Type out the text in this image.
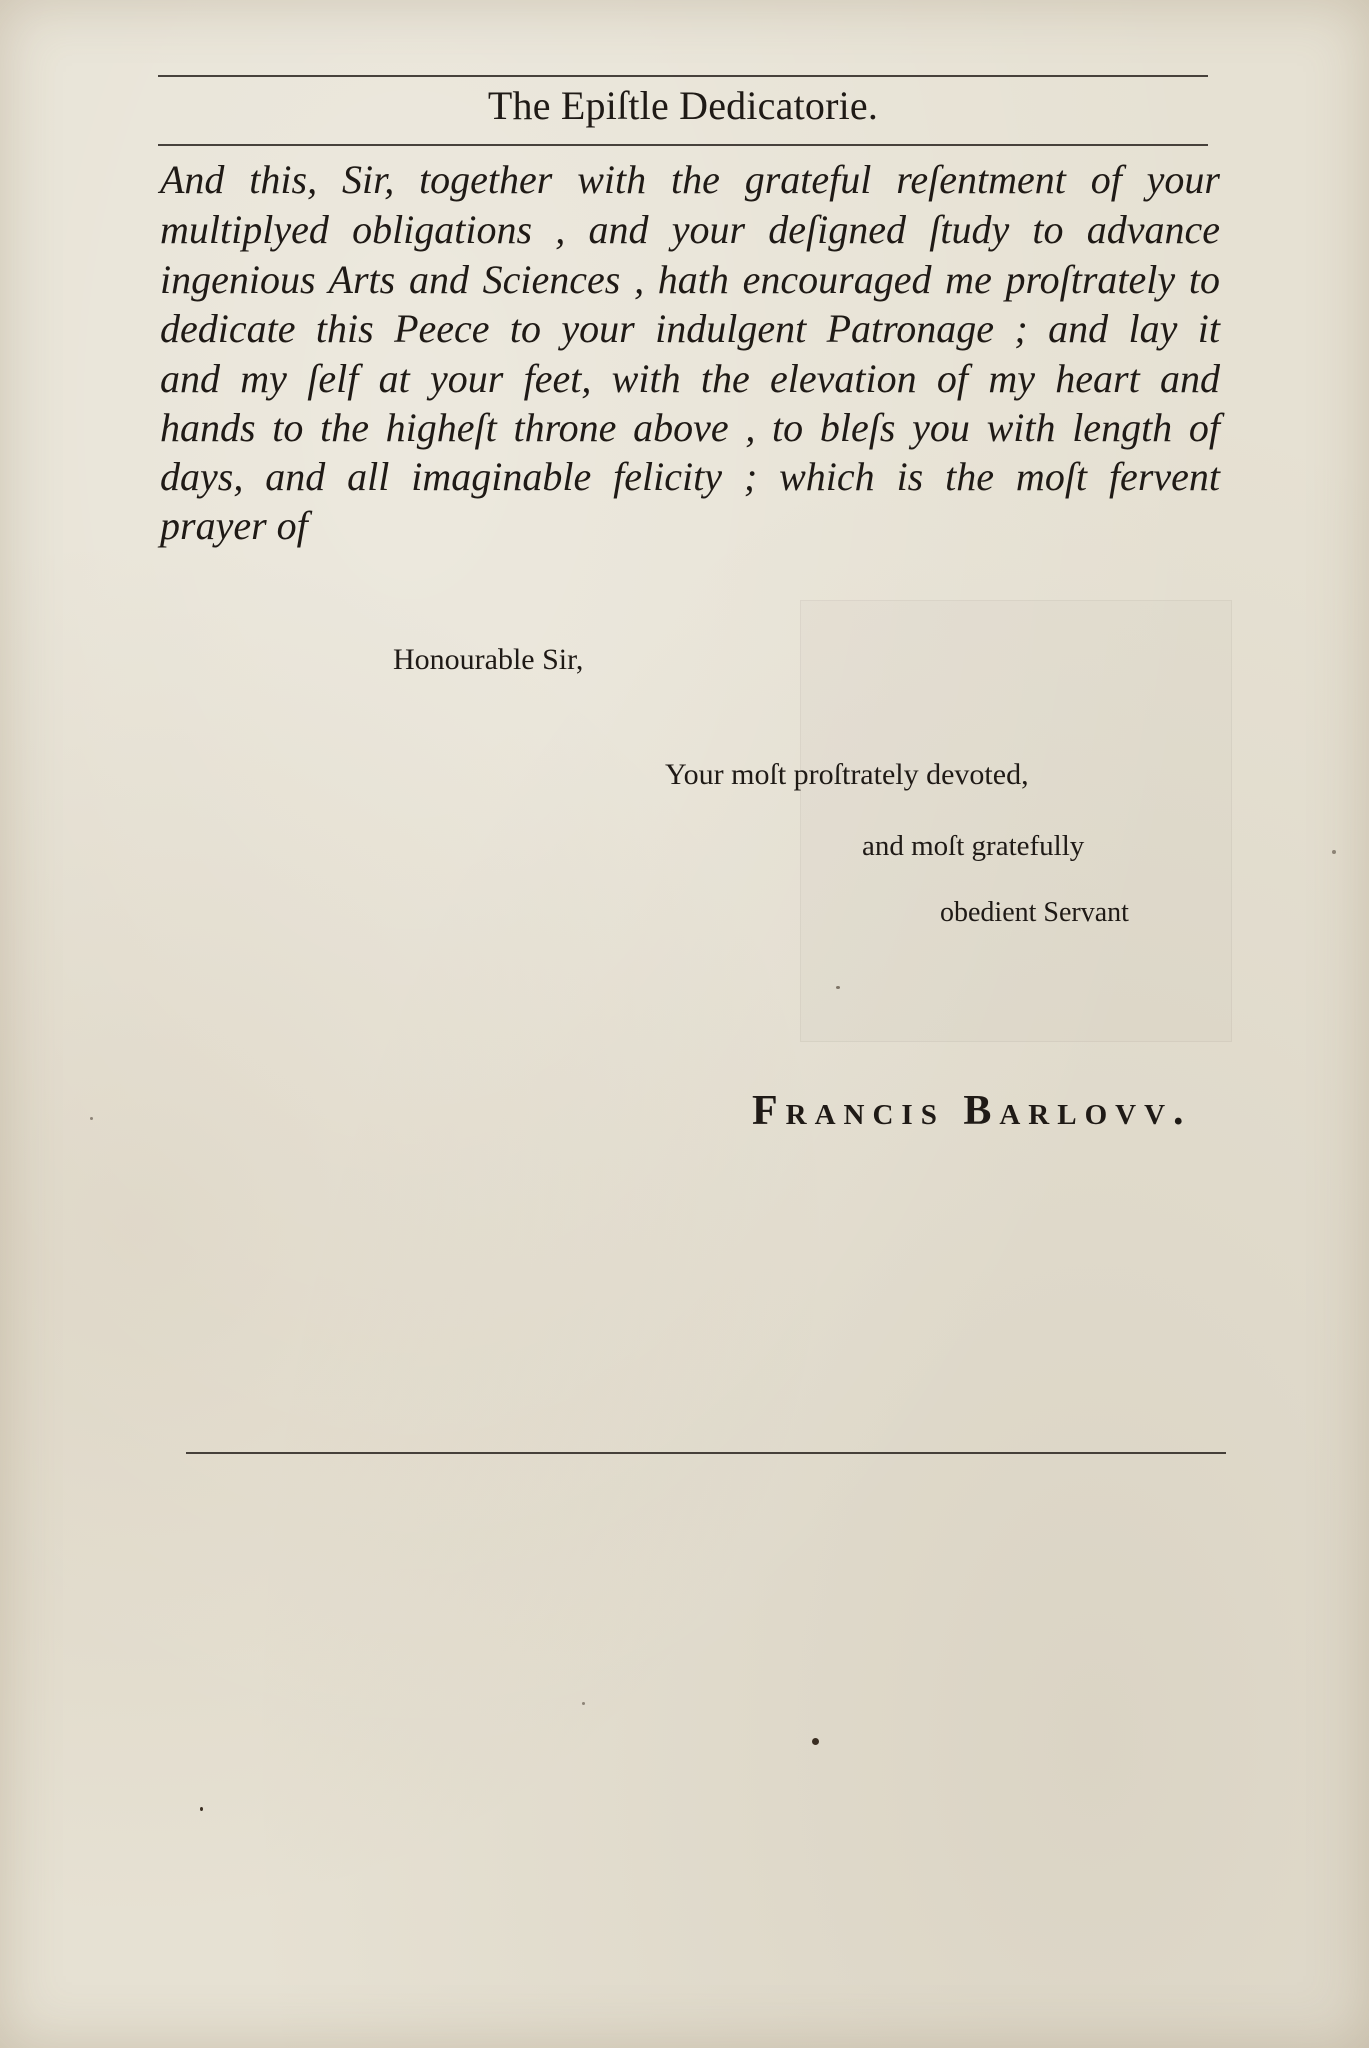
The Epiſtle Dedicatorie.
And this, Sir, together with the grateful reſentment of your
multiplyed obligations , and your deſigned ſtudy to advance
ingenious Arts and Sciences , hath encouraged me proſtrately to
dedicate this Peece to your indulgent Patronage ; and lay it
and my ſelf at your feet, with the elevation of my heart and
hands to the higheſt throne above , to bleſs you with length of
days, and all imaginable felicity ; which is the moſt fervent
prayer of
Honourable Sir,
Your moſt proſtrately devoted,
and moſt gratefully
obedient Servant
Francis Barlovv.
